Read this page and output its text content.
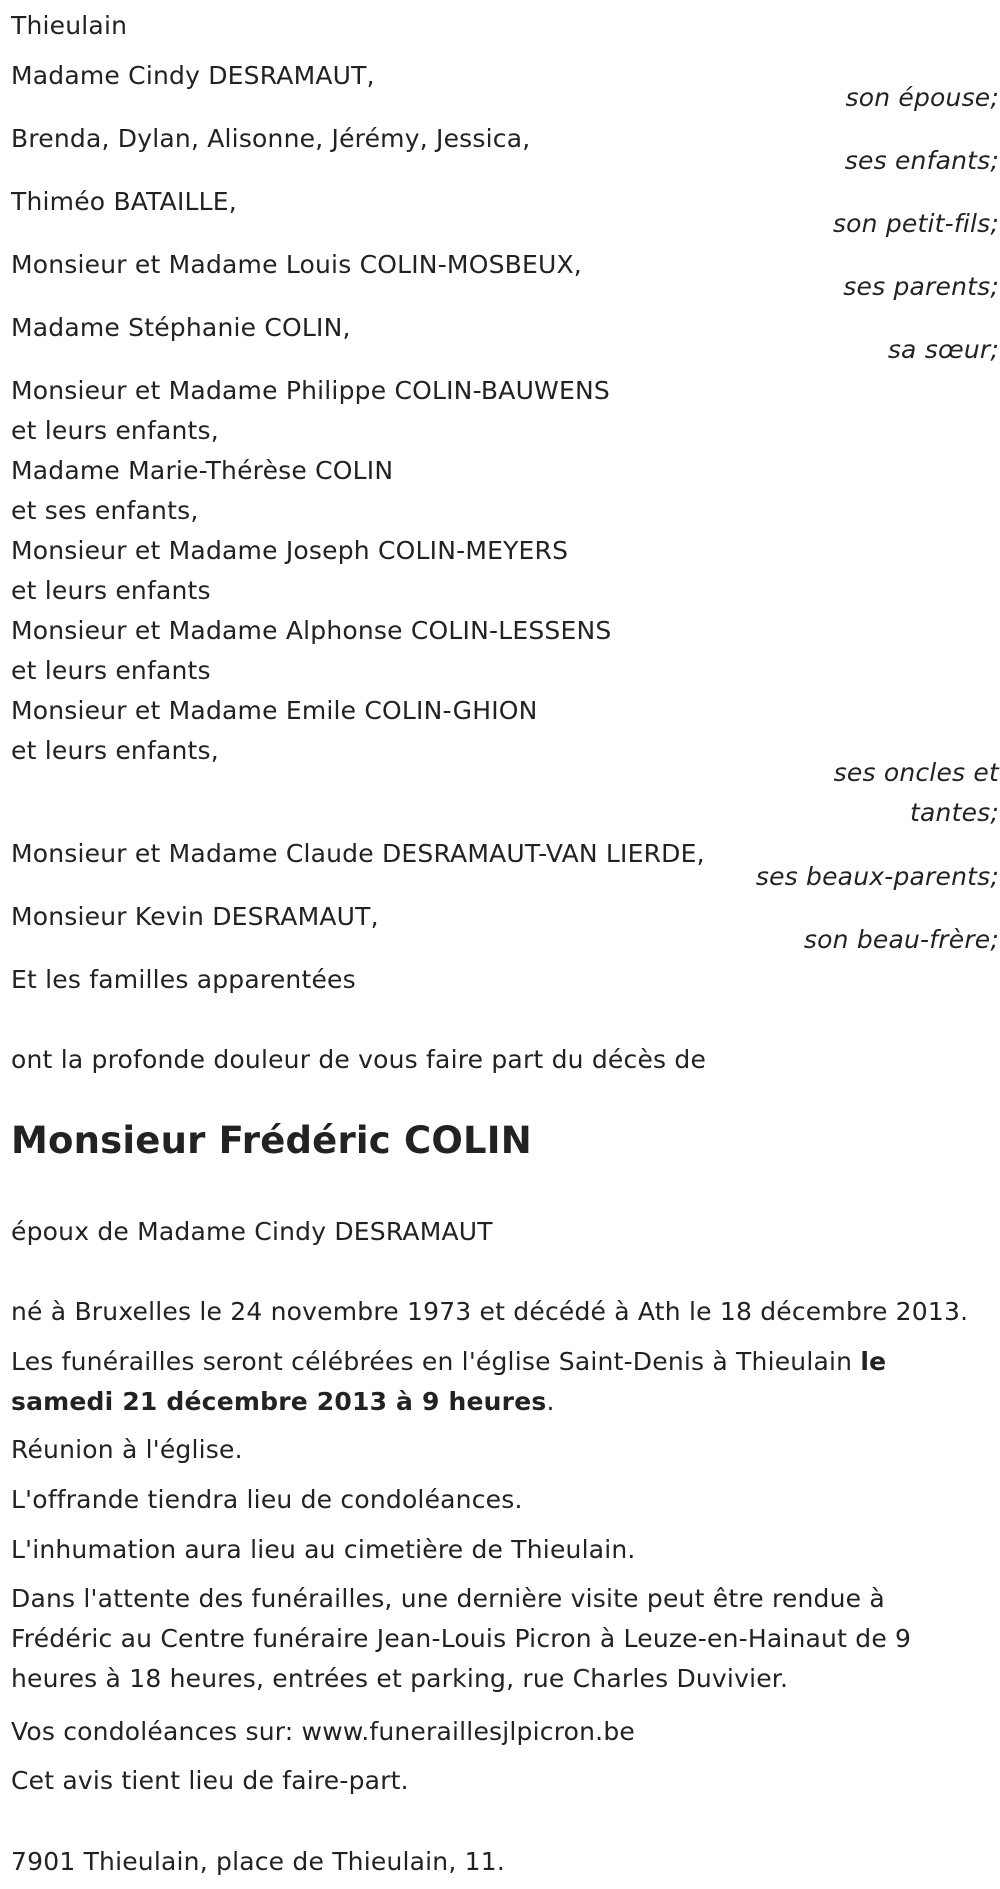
Thieulain
Madame Cindy DESRAMAUT,
son épouse;
Brenda, Dylan, Alisonne, Jérémy, Jessica,
ses enfants;
Thiméo BATAILLE,
son petit-fils;
Monsieur et Madame Louis COLIN-MOSBEUX,
ses parents;
Madame Stéphanie COLIN,
sa sœur;
Monsieur et Madame Philippe COLIN-BAUWENS
et leurs enfants,
Madame Marie-Thérèse COLIN
et ses enfants,
Monsieur et Madame Joseph COLIN-MEYERS
et leurs enfants
Monsieur et Madame Alphonse COLIN-LESSENS
et leurs enfants
Monsieur et Madame Emile COLIN-GHION
et leurs enfants,
ses oncles et
tantes;
Monsieur et Madame Claude DESRAMAUT-VAN LIERDE,
ses beaux-parents;
Monsieur Kevin DESRAMAUT,
son beau-frère;
Et les familles apparentées
ont la profonde douleur de vous faire part du décès de
Monsieur Frédéric COLIN
époux de Madame Cindy DESRAMAUT
né à Bruxelles le 24 novembre 1973 et décédé à Ath le 18 décembre 2013.
Les funérailles seront célébrées en l'église Saint-Denis à Thieulain le samedi 21 décembre 2013 à 9 heures.
Réunion à l'église.
L'offrande tiendra lieu de condoléances.
L'inhumation aura lieu au cimetière de Thieulain.
Dans l'attente des funérailles, une dernière visite peut être rendue à Frédéric au Centre funéraire Jean-Louis Picron à Leuze-en-Hainaut de 9 heures à 18 heures, entrées et parking, rue Charles Duvivier.
Vos condoléances sur: www.funeraillesjlpicron.be
Cet avis tient lieu de faire-part.
7901 Thieulain, place de Thieulain, 11.
